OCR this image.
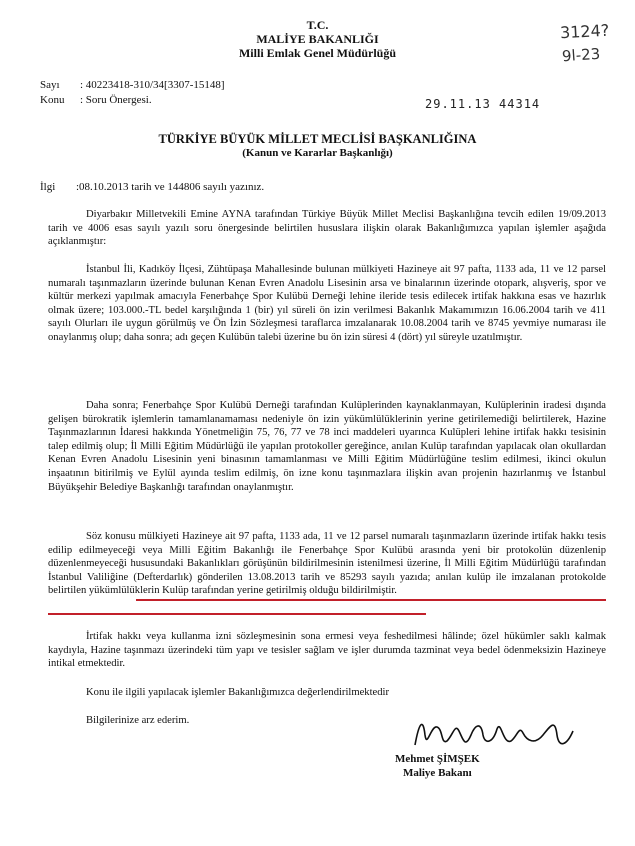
T.C.
MALİYE BAKANLIĞI
Milli Emlak Genel Müdürlüğü
3124?
9l-23
Sayı : 40223418-310/34[3307-15148]
Konu : Soru Önergesi.	29.11.13 44314
TÜRKİYE BÜYÜK MİLLET MECLİSİ BAŞKANLIĞINA
(Kanun ve Kararlar Başkanlığı)
İlgi :08.10.2013 tarih ve 144806 sayılı yazınız.
Diyarbakır Milletvekili Emine AYNA tarafından Türkiye Büyük Millet Meclisi Başkanlığına tevcih edilen 19/09.2013 tarih ve 4006 esas sayılı yazılı soru önergesinde belirtilen hususlara ilişkin olarak Bakanlığımızca yapılan işlemler aşağıda açıklanmıştır:
İstanbul İli, Kadıköy İlçesi, Zühtüpaşa Mahallesinde bulunan mülkiyeti Hazineye ait 97 pafta, 1133 ada, 11 ve 12 parsel numaralı taşınmazların üzerinde bulunan Kenan Evren Anadolu Lisesinin arsa ve binalarının üzerinde otopark, alışveriş, spor ve kültür merkezi yapılmak amacıyla Fenerbahçe Spor Kulübü Derneği lehine ileride tesis edilecek irtifak hakkına esas ve hazırlık olmak üzere; 103.000.-TL bedel karşılığında 1 (bir) yıl süreli ön izin verilmesi Bakanlık Makamımızın 16.06.2004 tarih ve 411 sayılı Olurları ile uygun görülmüş ve Ön İzin Sözleşmesi taraflarca imzalanarak 10.08.2004 tarih ve 8745 yevmiye numarası ile onaylanmış olup; daha sonra; adı geçen Kulübün talebi üzerine bu ön izin süresi 4 (dört) yıl süreyle uzatılmıştır.
Daha sonra; Fenerbahçe Spor Kulübü Derneği tarafından Kulüplerinden kaynaklanmayan, Kulüplerinin iradesi dışında gelişen bürokratik işlemlerin tamamlanamaması nedeniyle ön izin yükümlülüklerinin yerine getirilemediği belirtilerek, Hazine Taşınmazlarının İdaresi hakkında Yönetmeliğin 75, 76, 77 ve 78 inci maddeleri uyarınca Kulüpleri lehine irtifak hakkı tesisinin talep edilmiş olup; İl Milli Eğitim Müdürlüğü ile yapılan protokoller gereğince, anılan Kulüp tarafından yapılacak olan okullardan Kenan Evren Anadolu Lisesinin yeni binasının tamamlanması ve Milli Eğitim Müdürlüğüne teslim edilmesi, ikinci okulun inşaatının bitirilmiş ve Eylül ayında teslim edilmiş, ön izne konu taşınmazlara ilişkin avan projenin hazırlanmış ve İstanbul Büyükşehir Belediye Başkanlığı tarafından onaylanmıştır.
Söz konusu mülkiyeti Hazineye ait 97 pafta, 1133 ada, 11 ve 12 parsel numaralı taşınmazların üzerinde irtifak hakkı tesis edilip edilmeyeceği veya Milli Eğitim Bakanlığı ile Fenerbahçe Spor Kulübü arasında yeni bir protokolün düzenlenip düzenlenmeyeceği hususundaki Bakanlıkları görüşünün bildirilmesinin istenilmesi üzerine, İl Milli Eğitim Müdürlüğü tarafından İstanbul Valiliğine (Defterdarlık) gönderilen 13.08.2013 tarih ve 85293 sayılı yazıda; anılan kulüp ile imzalanan protokolde belirtilen yükümlülüklerin Kulüp tarafından yerine getirilmiş olduğu bildirilmiştir.
İrtifak hakkı veya kullanma izni sözleşmesinin sona ermesi veya feshedilmesi hâlinde; özel hükümler saklı kalmak kaydıyla, Hazine taşınmazı üzerindeki tüm yapı ve tesisler sağlam ve işler durumda tazminat veya bedel ödenmeksizin Hazineye intikal etmektedir.
Konu ile ilgili yapılacak işlemler Bakanlığımızca değerlendirilmektedir
Bilgilerinize arz ederim.
Mehmet ŞİMŞEK
Maliye Bakanı
